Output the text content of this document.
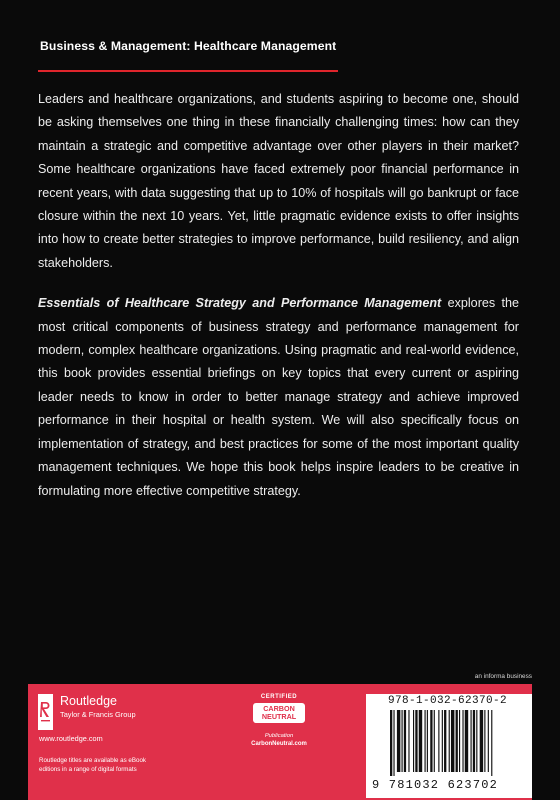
Business & Management: Healthcare Management

Leaders and healthcare organizations, and students aspiring to become one, should be asking themselves one thing in these financially challenging times: how can they maintain a strategic and competitive advantage over other players in their market? Some healthcare organizations have faced extremely poor financial performance in recent years, with data suggesting that up to 10% of hospitals will go bankrupt or face closure within the next 10 years. Yet, little pragmatic evidence exists to offer insights into how to create better strategies to improve performance, build resiliency, and align stakeholders.

Essentials of Healthcare Strategy and Performance Management explores the most critical components of business strategy and performance management for modern, complex healthcare organizations. Using pragmatic and real-world evidence, this book provides essential briefings on key topics that every current or aspiring leader needs to know in order to better manage strategy and achieve improved performance in their hospital or health system. We will also specifically focus on implementation of strategy, and best practices for some of the most important quality management techniques. We hope this book helps inspire leaders to be creative in formulating more effective competitive strategy.

an informa business
Routledge
Taylor & Francis Group
www.routledge.com
Routledge titles are available as eBook editions in a range of digital formats
CERTIFIED
CARBON NEUTRAL
Publication
CarbonNeutral.com
978-1-032-62370-2
9 781032 623702
